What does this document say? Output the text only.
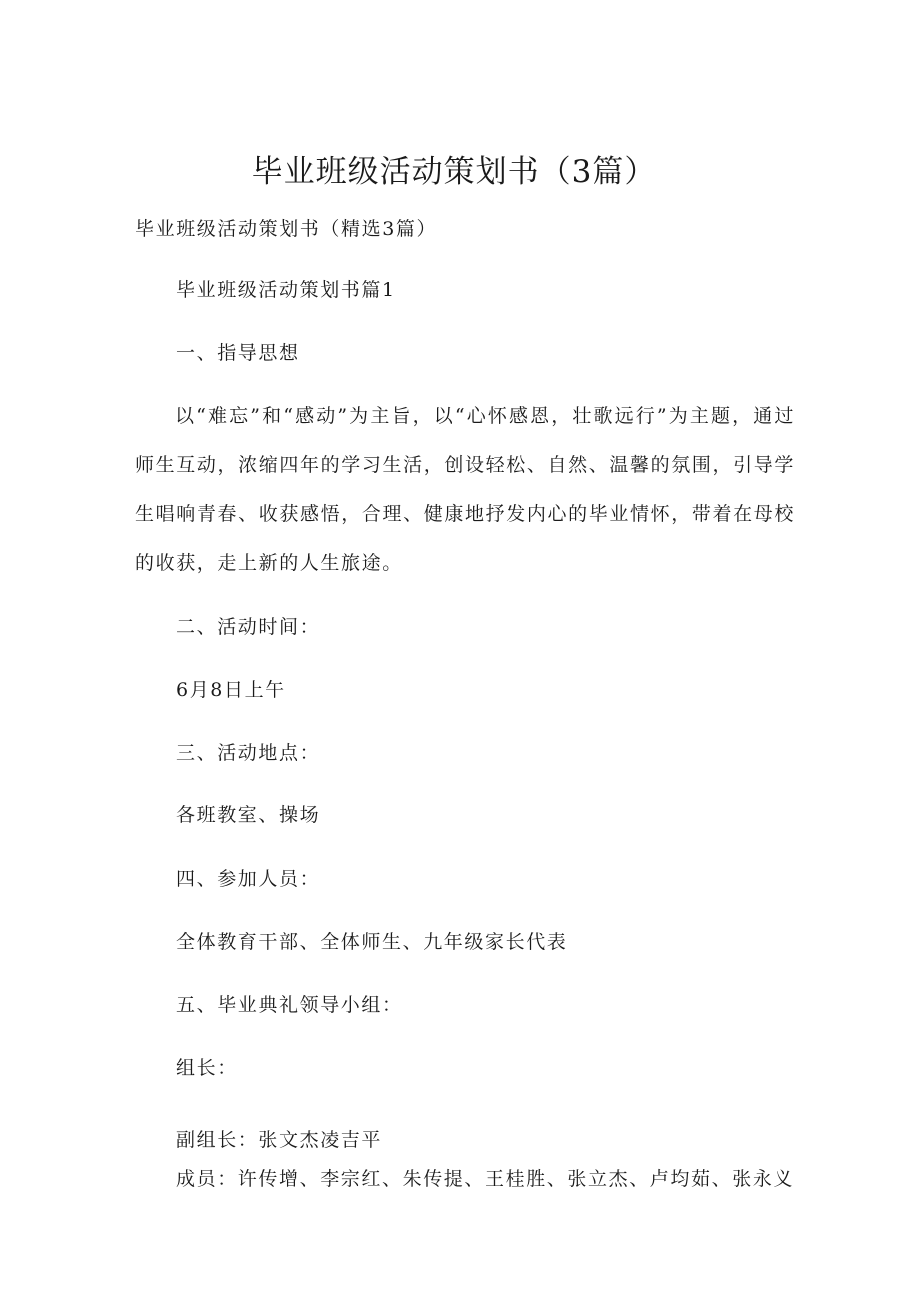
毕业班级活动策划书（3篇）

毕业班级活动策划书（精选3篇）

毕业班级活动策划书篇1

一、指导思想

以“难忘”和“感动”为主旨，以“心怀感恩，壮歌远行”为主题，通过师生互动，浓缩四年的学习生活，创设轻松、自然、温馨的氛围，引导学生唱响青春、收获感悟，合理、健康地抒发内心的毕业情怀，带着在母校的收获，走上新的人生旅途。

二、活动时间：

6月8日上午

三、活动地点：

各班教室、操场

四、参加人员：

全体教育干部、全体师生、九年级家长代表

五、毕业典礼领导小组：

组长：

副组长：张文杰凌吉平

成员：许传增、李宗红、朱传提、王桂胜、张立杰、卢均茹、张永义
